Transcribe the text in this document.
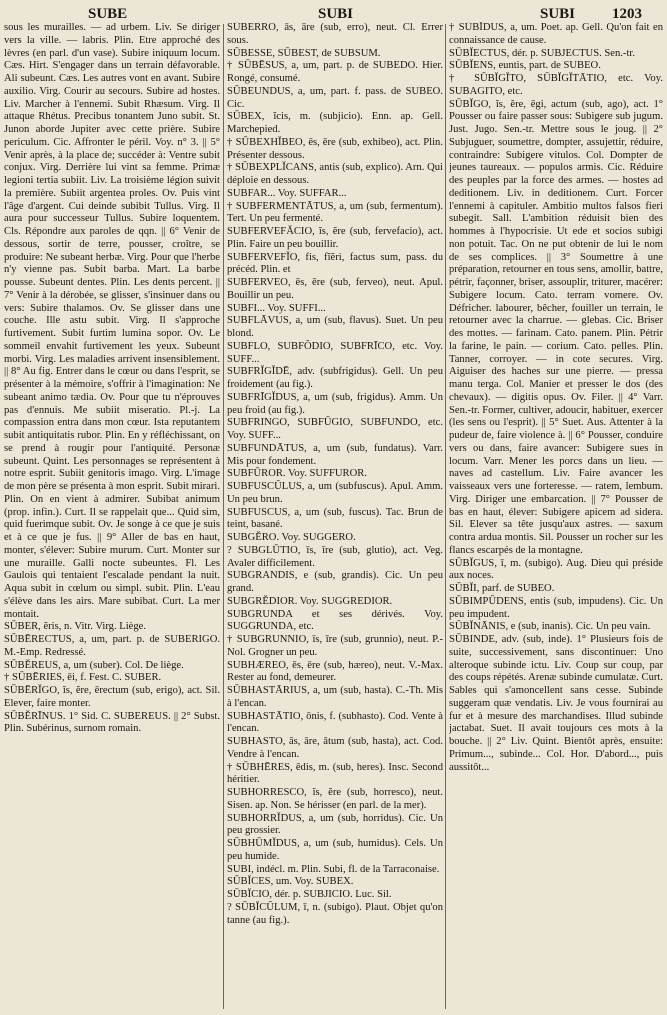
SUBE	SUBI	SUBI 1203

sous les murailles. — ad urbem. Liv. Se diriger vers la ville. — labris. Plin. Etre approché des lèvres (en parl. d'un vase). Subire iniquum locum. Cæs. Hirt. S'engager dans un terrain défavorable. Ali subeunt. Cæs. Les autres vont en avant. Subire auxilio. Virg. Courir au secours. Subire ad hostes. Liv. Marcher à l'ennemi. Subit Rhæsum. Virg. Il attaque Rhétus. Precibus tonantem Juno subit. St. Junon aborde Jupiter avec cette prière. Subire periculum. Cic. Affronter le péril. Voy. n° 3. || 5° Venir après, à la place de; succéder à: Ventre subit conjux. Virg. Derrière lui vint sa femme. Primæ legioni tertia subiit. Liv. La troisième légion suivit la première. Subiit argentea proles. Ov. Puis vint l'âge d'argent. Cui deinde subibit Tullus. Virg. Il aura pour successeur Tullus. Subire loquentem. Cls. Répondre aux paroles de qqn. || 6° Venir de dessous, sortir de terre, pousser, croître, se produire: Ne subeant herbæ. Virg. Pour que l'herbe n'y vienne pas. Subit barba. Mart. La barbe pousse. Subeunt dentes. Plin. Les dents percent. || 7° Venir à la dérobée, se glisser, s'insinuer dans ou vers: Subire thalamos. Ov. Se glisser dans une couche. Ille astu subit. Virg. Il s'approche furtivement. Subit furtim lumina sopor. Ov. Le sommeil envahit furtivement les yeux. Subeunt morbi. Virg. Les maladies arrivent insensiblement. || 8° Au fig. Entrer dans le cœur ou dans l'esprit, se présenter à la mémoire, s'offrir à l'imagination: Ne subeant animo tædia. Ov. Pour que tu n'éprouves pas d'ennuis. Me subiit miseratio. Pl.-j. La compassion entra dans mon cœur. Ista reputantem subit antiquitatis rubor. Plin. En y réfléchissant, on se prend à rougir pour l'antiquité. Personæ subeunt. Quint. Les personnages se représentent à notre esprit. Subiit genitoris imago. Virg. L'image de mon père se présenta à mon esprit. Subit mirari. Plin. On en vient à admirer. Subibat animum (prop. infin.). Curt. Il se rappelait que... Quid sim, quid fuerimque subit. Ov. Je songe à ce que je suis et à ce que je fus. || 9° Aller de bas en haut, monter, s'élever: Subire murum. Curt. Monter sur une muraille. Galli nocte subeuntes. Fl. Les Gaulois qui tentaient l'escalade pendant la nuit. Aqua subit in cœlum ou simpl. subit. Plin. L'eau s'élève dans les airs. Mare subibat. Curt. La mer montait.

SŪBER, ĕris, n. Vitr. Virg. Liège.

SŪBĒRECTUS, a, um, part. p. de SUBERIGO. M.-Emp. Redressé.

SŪBĔREUS, a, um (suber). Col. De liège.

† SŪBĒRIES, ēi, f. Fest. C. SUBER.

SŪBĒRĬGO, ĭs, ĕre, ērectum (sub, erigo), act. Sil. Elever, faire monter.

SŪBĔRĪNUS. 1° Sid. C. SUBEREUS. || 2° Subst. Plin. Subérinus, surnom romain.

SŪBERRO, ās, āre (sub, erro), neut. Cl. Errer sous.

SŪBESSE, SŪBEST, de SUBSUM.

† SŪBĒSUS, a, um, part. p. de SUBEDO. Hier. Rongé, consumé.

SŪBEUNDUS, a, um, part. f. pass. de SUBEO. Cic.

SŪBEX, ĭcis, m. (subjicio). Enn. ap. Gell. Marchepied.

† SŪBEXHĬBEO, ēs, ēre (sub, exhibeo), act. Plin. Présenter dessous.

† SŪBEXPLĬCANS, antis (sub, explico). Arn. Qui déploie en dessous.

SUBFAR... Voy. SUFFAR...

† SUBFERMENTĀTUS, a, um (sub, fermentum). Tert. Un peu fermenté.

SUBFERVEFĂCIO, ĭs, ĕre (sub, fervefacio), act. Plin. Faire un peu bouillir.

SUBFERVEFĬO, fis, fĭĕri, factus sum, pass. du précéd. Plin. et

SUBFERVEO, ēs, ēre (sub, ferveo), neut. Apul. Bouillir un peu.

SUBFI... Voy. SUFFI...

SUBFLĀVUS, a, um (sub, flavus). Suet. Un peu blond.

SUBFLO, SUBFŎDIO, SUBFRĪCO, etc. Voy. SUFF...

SUBFRĬGĬDĒ, adv. (subfrigidus). Gell. Un peu froidement (au fig.).

SUBFRĪGĬDUS, a, um (sub, frigidus). Amm. Un peu froid (au fig.).

SUBFRINGO, SUBFŪGIO, SUBFUNDO, etc. Voy. SUFF...

SUBFUNDĀTUS, a, um (sub, fundatus). Varr. Mis pour fondement.

SUBFŪROR. Voy. SUFFUROR.

SUBFUSCŬLUS, a, um (subfuscus). Apul. Amm. Un peu brun.

SUBFUSCUS, a, um (sub, fuscus). Tac. Brun de teint, basané.

SUBGĔRO. Voy. SUGGERO.

? SUBGLŪTIO, īs, īre (sub, glutio), act. Veg. Avaler difficilement.

SUBGRANDIS, e (sub, grandis). Cic. Un peu grand.

SUBGRĔDIOR. Voy. SUGGREDIOR.

SUBGRUNDA et ses dérivés. Voy. SUGGRUNDA, etc.

† SUBGRUNNIO, īs, īre (sub, grunnio), neut. P.-Nol. Grogner un peu.

SUBHÆREO, ēs, ēre (sub, hæreo), neut. V.-Max. Rester au fond, demeurer.

SŪBHASTĀRIUS, a, um (sub, hasta). C.-Th. Mis à l'encan.

SUBHASTĀTIO, ōnis, f. (subhasto). Cod. Vente à l'encan.

SUBHASTO, ās, āre, ātum (sub, hasta), act. Cod. Vendre à l'encan.

† SŪBHĒRES, ēdis, m. (sub, heres). Insc. Second héritier.

SUBHORRESCO, ĭs, ĕre (sub, horresco), neut. Sisen. ap. Non. Se hérisser (en parl. de la mer).

SUBHORRĬDUS, a, um (sub, horridus). Cic. Un peu grossier.

SŪBHŪMĬDUS, a, um (sub, humidus). Cels. Un peu humide.

SUBI, indécl. m. Plin. Subi, fl. de la Tarraconaise.

SŪBĬCES, um. Voy. SUBEX.

SŪBĬCIO, dér. p. SUBJICIO. Luc. Sil.

? SŪBĬCŬLUM, ī, n. (subigo). Plaut. Objet qu'on tanne (au fig.).

† SŪBĬDUS, a, um. Poet. ap. Gell. Qu'on fait en connaissance de cause.

SŪBĬECTUS, dér. p. SUBJECTUS. Sen.-tr.

SŪBĬENS, euntis, part. de SUBEO.

† SŪBĬGĬTO, SŪBĬGĬTĀTIO, etc. Voy. SUBAGITO, etc.

SŪBĬGO, ĭs, ĕre, ēgi, actum (sub, ago), act. 1° Pousser ou faire passer sous: Subigere sub jugum. Just. Jugo. Sen.-tr. Mettre sous le joug. || 2° Subjuguer, soumettre, dompter, assujettir, réduire, contraindre: Subigere vitulos. Col. Dompter de jeunes taureaux. — populos armis. Cic. Réduire des peuples par la force des armes. — hostes ad deditionem. Liv. in deditionem. Curt. Forcer l'ennemi à capituler. Ambitio multos falsos fieri subegit. Sall. L'ambition réduisit bien des hommes à l'hypocrisie. Ut ede et socios subigi non potuit. Tac. On ne put obtenir de lui le nom de ses complices. || 3° Soumettre à une préparation, retourner en tous sens, amollir, battre, pétrir, façonner, briser, assouplir, triturer, macérer: Subigere locum. Cato. terram vomere. Ov. Défricher. labourer, bêcher, fouiller un terrain, le retourner avec la charrue. — glebas. Cic. Briser des mottes. — farinam. Cato. panem. Plin. Pétrir la farine, le pain. — corium. Cato. pelles. Plin. Tanner, corroyer. — in cote secures. Virg. Aiguiser des haches sur une pierre. — pressa manu terga. Col. Manier et presser le dos (des chevaux). — digitis opus. Ov. Filer. || 4° Varr. Sen.-tr. Former, cultiver, adoucir, habituer, exercer (les sens ou l'esprit). || 5° Suet. Aus. Attenter à la pudeur de, faire violence à. || 6° Pousser, conduire vers ou dans, faire avancer: Subigere sues in locum. Varr. Mener les porcs dans un lieu. — naves ad castellum. Liv. Faire avancer les vaisseaux vers une forteresse. — ratem, lembum. Virg. Diriger une embarcation. || 7° Pousser de bas en haut, élever: Subigere apicem ad sidera. Sil. Elever sa tête jusqu'aux astres. — saxum contra ardua montis. Sil. Pousser un rocher sur les flancs escarpés de la montagne.

SŪBĬGUS, ī, m. (subigo). Aug. Dieu qui préside aux noces.

SŪBĬI, parf. de SUBEO.

SŪBIMPŬDENS, entis (sub, impudens). Cic. Un peu impudent.

SŪBĬNĀNIS, e (sub, inanis). Cic. Un peu vain.

SŪBINDE, adv. (sub, inde). 1° Plusieurs fois de suite, successivement, sans discontinuer: Uno alteroque subinde ictu. Liv. Coup sur coup, par des coups répétés. Arenæ subinde cumulatæ. Curt. Sables qui s'amoncellent sans cesse. Subinde suggeram quæ vendatis. Liv. Je vous fournirai au fur et à mesure des marchandises. Illud subinde jactabat. Suet. Il avait toujours ces mots à la bouche. || 2° Liv. Quint. Bientôt après, ensuite: Primum..., subinde... Col. Hor. D'abord..., puis aussitôt...
